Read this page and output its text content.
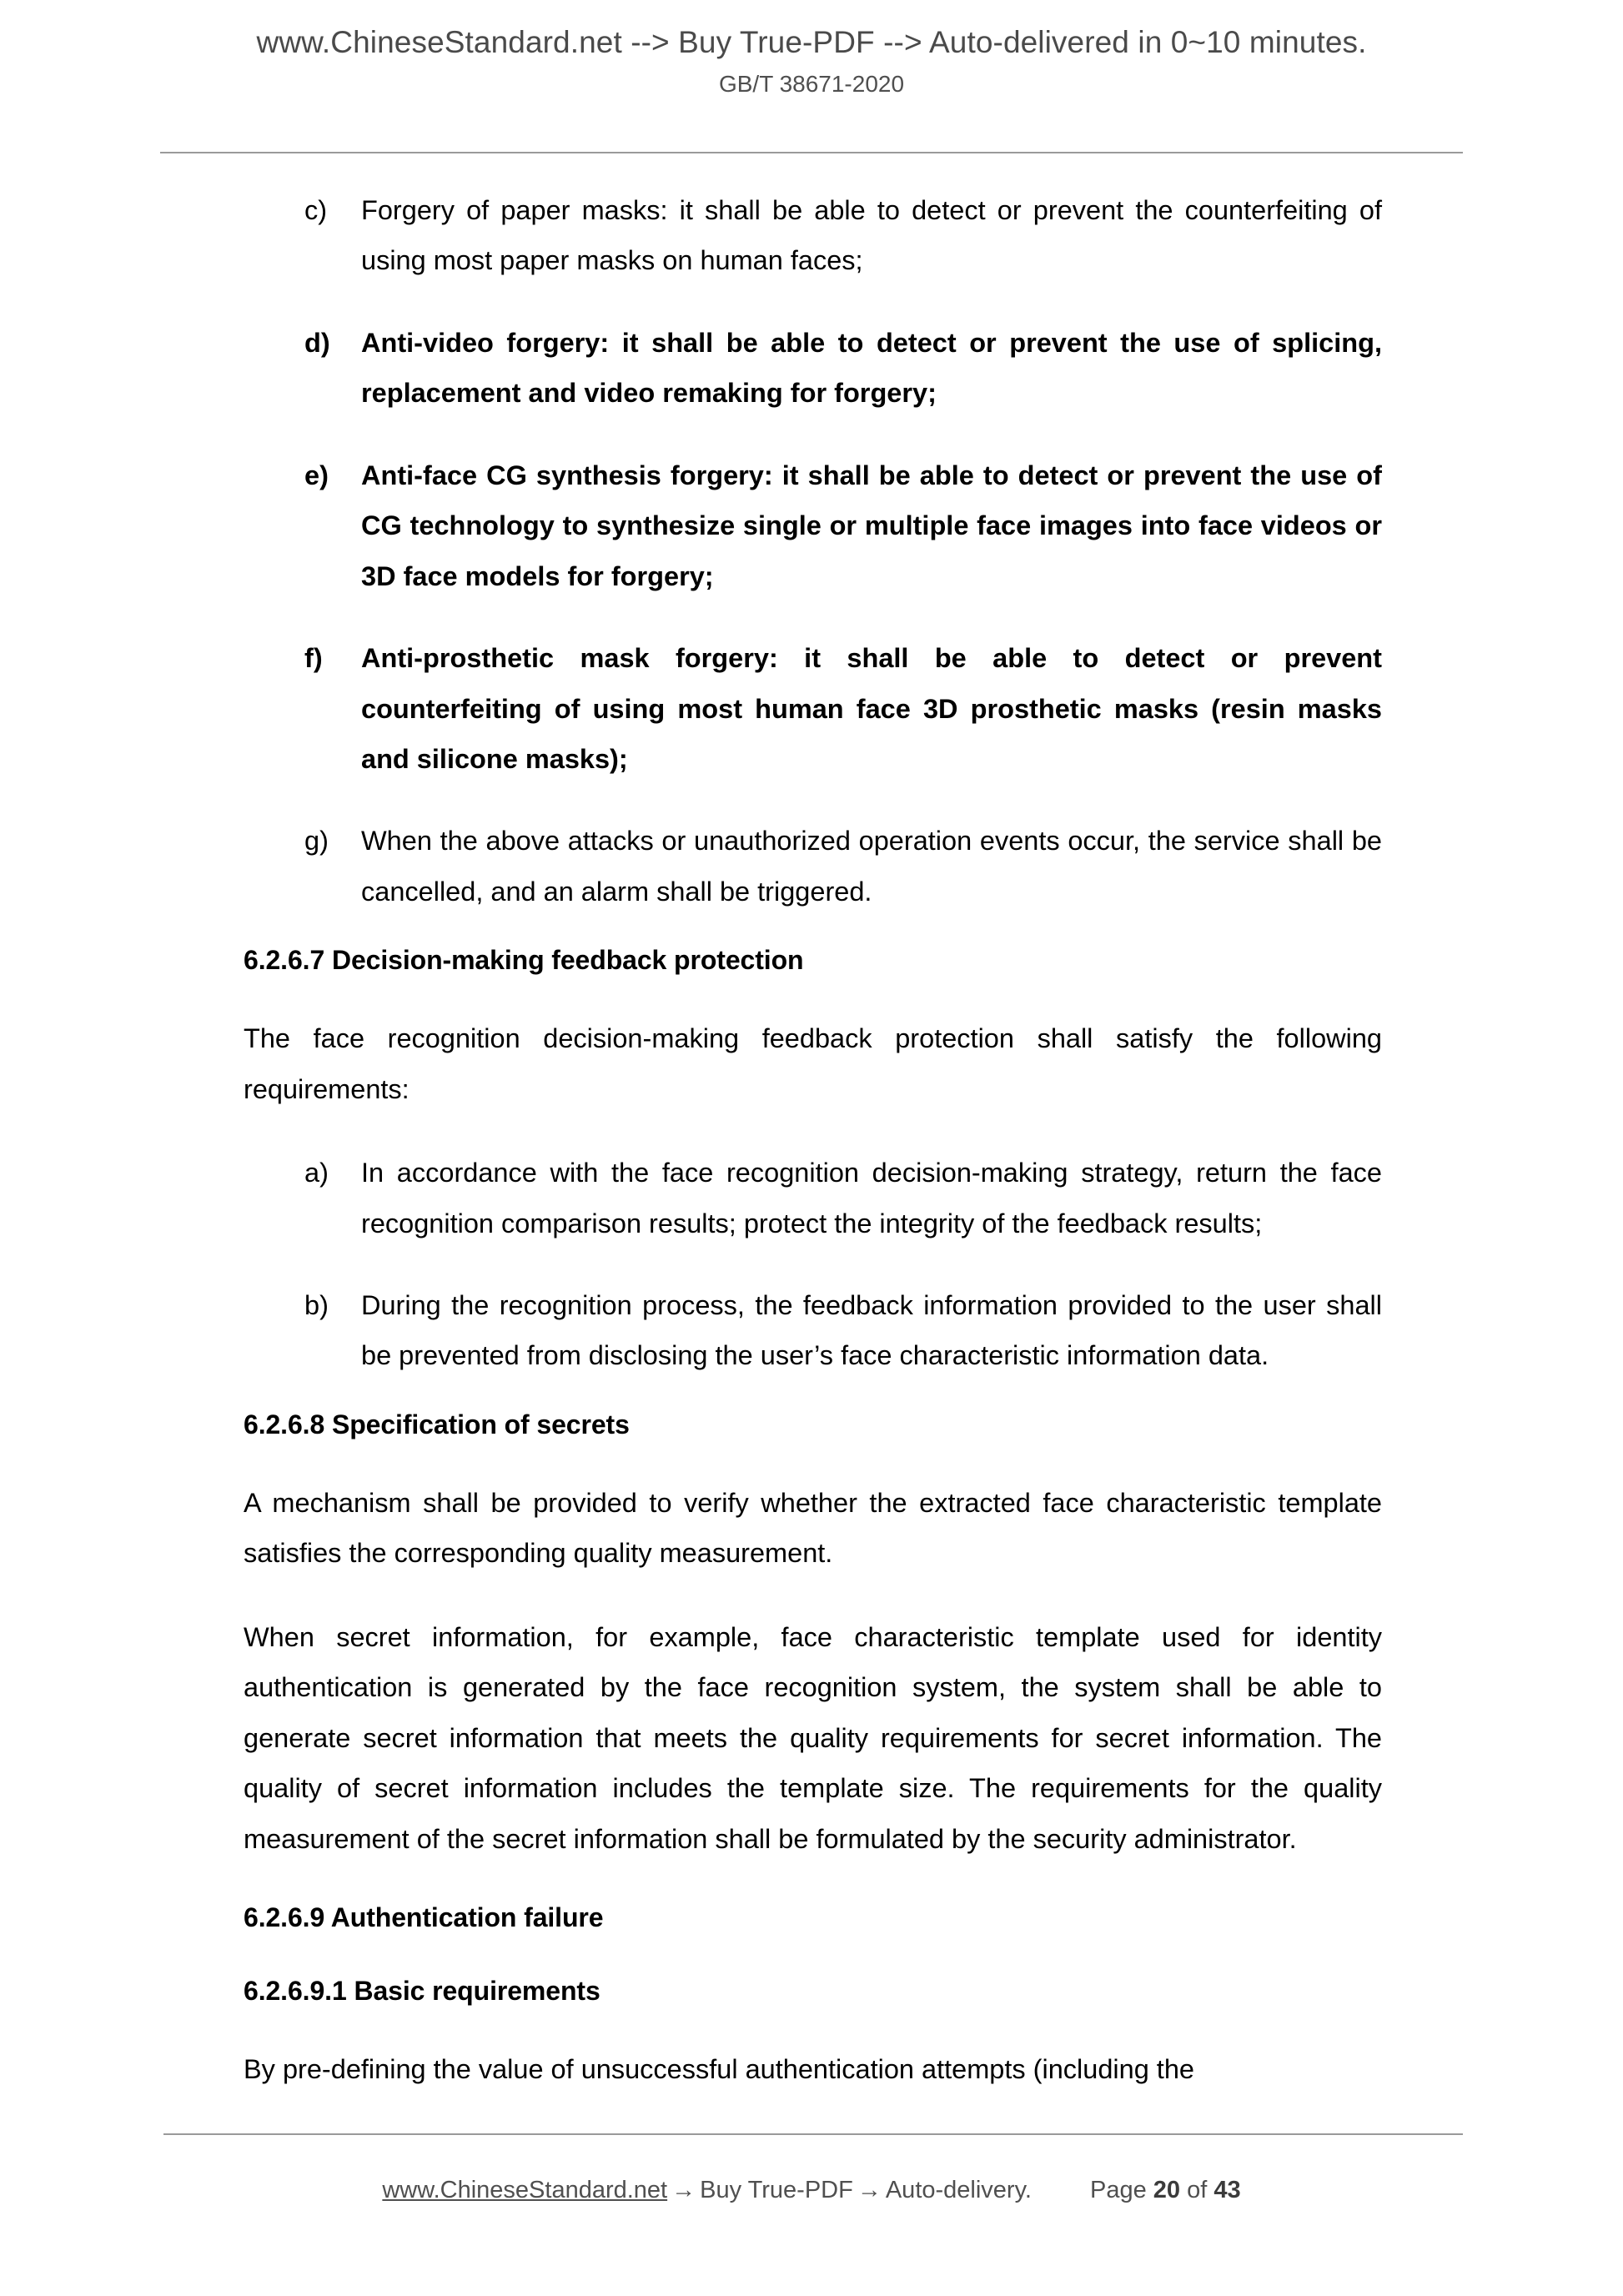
www.ChineseStandard.net --> Buy True-PDF --> Auto-delivered in 0~10 minutes.
GB/T 38671-2020
c)	Forgery of paper masks: it shall be able to detect or prevent the counterfeiting of using most paper masks on human faces;
d)	Anti-video forgery: it shall be able to detect or prevent the use of splicing, replacement and video remaking for forgery;
e)	Anti-face CG synthesis forgery: it shall be able to detect or prevent the use of CG technology to synthesize single or multiple face images into face videos or 3D face models for forgery;
f)	Anti-prosthetic mask forgery: it shall be able to detect or prevent counterfeiting of using most human face 3D prosthetic masks (resin masks and silicone masks);
g)	When the above attacks or unauthorized operation events occur, the service shall be cancelled, and an alarm shall be triggered.
6.2.6.7 Decision-making feedback protection

The face recognition decision-making feedback protection shall satisfy the following requirements:

a)	In accordance with the face recognition decision-making strategy, return the face recognition comparison results; protect the integrity of the feedback results;
b)	During the recognition process, the feedback information provided to the user shall be prevented from disclosing the user’s face characteristic information data.
6.2.6.8 Specification of secrets

A mechanism shall be provided to verify whether the extracted face characteristic template satisfies the corresponding quality measurement.

When secret information, for example, face characteristic template used for identity authentication is generated by the face recognition system, the system shall be able to generate secret information that meets the quality requirements for secret information. The quality of secret information includes the template size. The requirements for the quality measurement of the secret information shall be formulated by the security administrator.

6.2.6.9 Authentication failure
6.2.6.9.1 Basic requirements

By pre-defining the value of unsuccessful authentication attempts (including the

www.ChineseStandard.net → Buy True-PDF → Auto-delivery. Page 20 of 43
